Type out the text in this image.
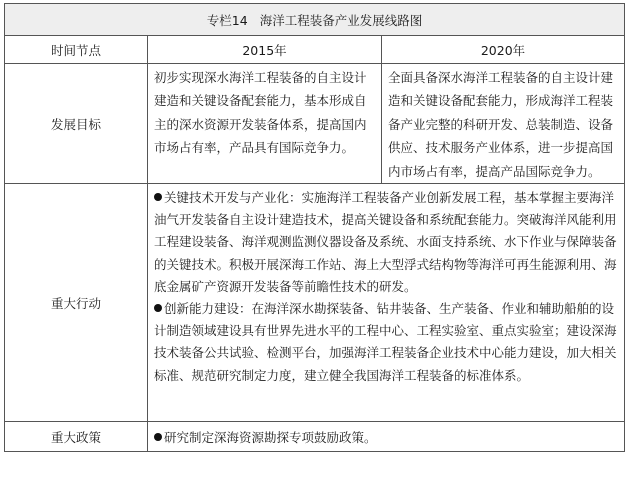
专栏14 海洋工程装备产业发展线路图		
时间节点	2015年	2020年
发展目标	初步实现深水海洋工程装备的自主设计建造和关键设备配套能力，基本形成自主的深水资源开发装备体系，提高国内市场占有率，产品具有国际竞争力。	全面具备深水海洋工程装备的自主设计建造和关键设备配套能力，形成海洋工程装备产业完整的科研开发、总装制造、设备供应、技术服务产业体系，进一步提高国内市场占有率，提高产品国际竞争力。
重大行动	关键技术开发与产业化：实施海洋工程装备产业创新发展工程，基本掌握主要海洋油气开发装备自主设计建造技术，提高关键设备和系统配套能力。突破海洋风能利用工程建设装备、海洋观测监测仪器设备及系统、水面支持系统、水下作业与保障装备的关键技术。积极开展深海工作站、海上大型浮式结构物等海洋可再生能源利用、海底金属矿产资源开发装备等前瞻性技术的研发。

创新能力建设：在海洋深水勘探装备、钻井装备、生产装备、作业和辅助船舶的设计制造领域建设具有世界先进水平的工程中心、工程实验室、重点实验室；建设深海技术装备公共试验、检测平台，加强海洋工程装备企业技术中心能力建设，加大相关标准、规范研究制定力度，建立健全我国海洋工程装备的标准体系。	

重大政策	研究制定深海资源勘探专项鼓励政策。	
